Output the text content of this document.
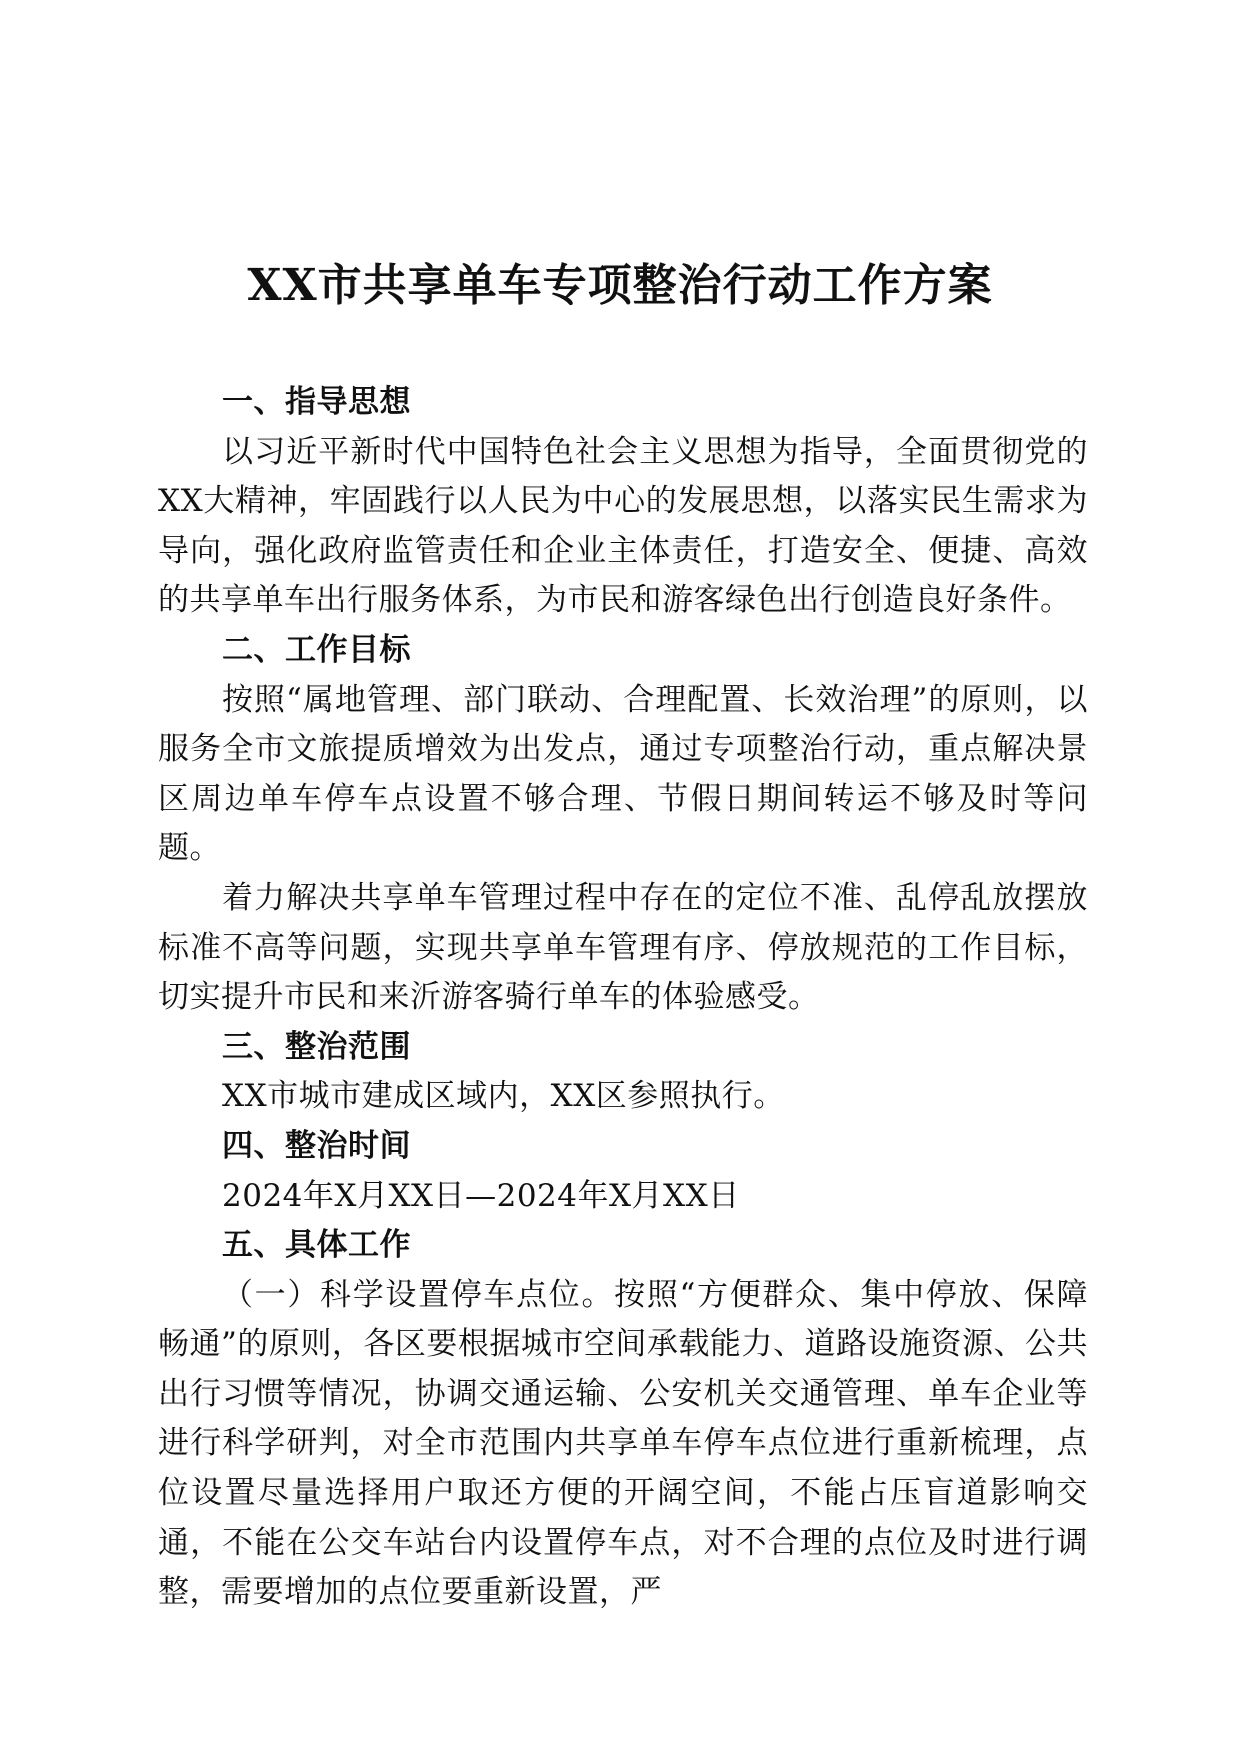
XX市共享单车专项整治行动工作方案

一、指导思想

以习近平新时代中国特色社会主义思想为指导，全面贯彻党的XX大精神，牢固践行以人民为中心的发展思想，以落实民生需求为导向，强化政府监管责任和企业主体责任，打造安全、便捷、高效的共享单车出行服务体系，为市民和游客绿色出行创造良好条件。

二、工作目标

按照“属地管理、部门联动、合理配置、长效治理”的原则，以服务全市文旅提质增效为出发点，通过专项整治行动，重点解决景区周边单车停车点设置不够合理、节假日期间转运不够及时等问题。

着力解决共享单车管理过程中存在的定位不准、乱停乱放摆放标准不高等问题，实现共享单车管理有序、停放规范的工作目标，切实提升市民和来沂游客骑行单车的体验感受。

三、整治范围

XX市城市建成区域内，XX区参照执行。

四、整治时间

2024年X月XX日—2024年X月XX日

五、具体工作

（一）科学设置停车点位。按照“方便群众、集中停放、保障畅通”的原则，各区要根据城市空间承载能力、道路设施资源、公共出行习惯等情况，协调交通运输、公安机关交通管理、单车企业等进行科学研判，对全市范围内共享单车停车点位进行重新梳理，点位设置尽量选择用户取还方便的开阔空间，不能占压盲道影响交通，不能在公交车站台内设置停车点，对不合理的点位及时进行调整，需要增加的点位要重新设置，严
